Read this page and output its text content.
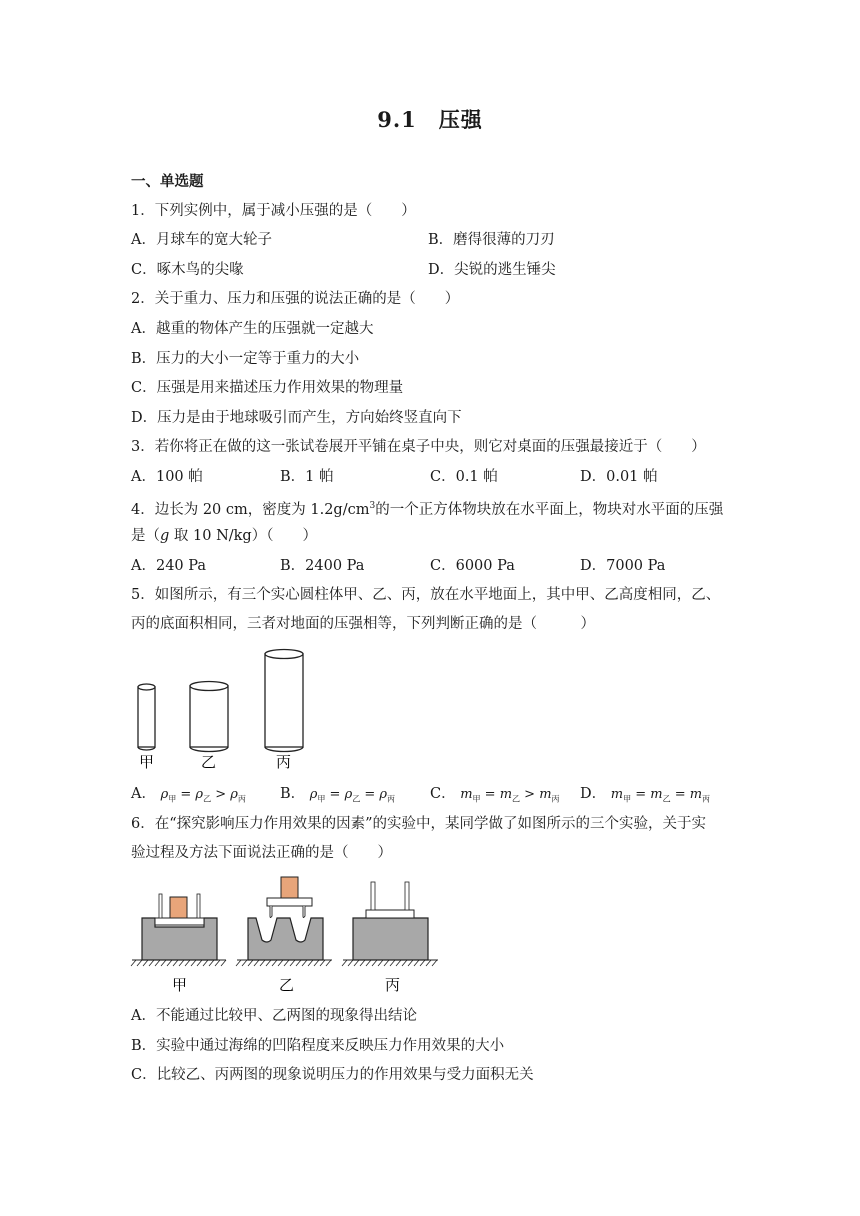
9.1　压强
一、单选题
1．下列实例中，属于减小压强的是（　　）
A．月球车的宽大轮子	B．磨得很薄的刀刃
C．啄木鸟的尖喙	D．尖锐的逃生锤尖
2．关于重力、压力和压强的说法正确的是（　　）
A．越重的物体产生的压强就一定越大
B．压力的大小一定等于重力的大小
C．压强是用来描述压力作用效果的物理量
D．压力是由于地球吸引而产生，方向始终竖直向下
3．若你将正在做的这一张试卷展开平铺在桌子中央，则它对桌面的压强最接近于（　　）
A．100 帕	B．1 帕	C．0.1 帕	D．0.01 帕
4．边长为 20 cm，密度为 $1.2g/cm^3$的一个正方体物块放在水平面上，物块对水平面的压强
是（g 取 10 N/kg）（　　）
A．240 Pa	B．2400 Pa	C．6000 Pa	D．7000 Pa
5．如图所示，有三个实心圆柱体甲、乙、丙，放在水平地面上，其中甲、乙高度相同，乙、
丙的底面积相同，三者对地面的压强相等，下列判断正确的是（　　　）
甲	乙	丙
A． $\rho_甲 = \rho_乙 > \rho_丙$ B． $\rho_甲 = \rho_乙 = \rho_丙$ C． $m_甲 = m_乙 > m_丙$ D． $m_甲 = m_乙 = m_丙$
6．在“探究影响压力作用效果的因素”的实验中，某同学做了如图所示的三个实验，关于实
验过程及方法下面说法正确的是（　　）
甲	乙	丙
A．不能通过比较甲、乙两图的现象得出结论
B．实验中通过海绵的凹陷程度来反映压力作用效果的大小
C．比较乙、丙两图的现象说明压力的作用效果与受力面积无关
